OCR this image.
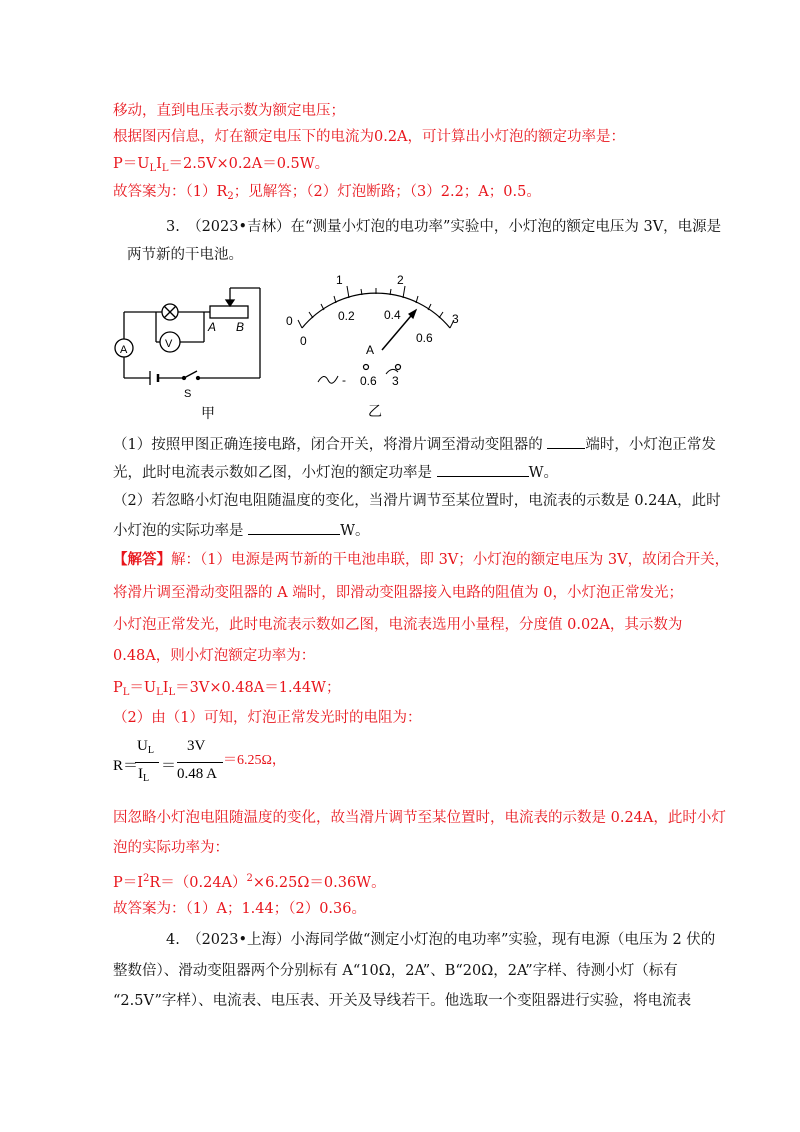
移动，直到电压表示数为额定电压；
根据图丙信息，灯在额定电压下的电流为0.2A，可计算出小灯泡的额定功率是：
$P=U_LI_L=2.5V\times 0.2A=0.5W$。
故答案为：$(1)R_2$；见解答；（2）灯泡断路；（3）2.2；A；0.5。
3.　（2023•吉林）在“测量小灯泡的电功率”实验中，小灯泡的额定电压为 3V，电源是
两节新的干电池。
A	V
A B
S
甲
0
1	2
3
0
0.2 0.4
0.6
A
- 0.6 3
乙
（1）按照甲图正确连接电路，闭合开关，将滑片调至滑动变阻器的	端时，小灯泡正常发
光，此时电流表示数如乙图，小灯泡的额定功率是	W。
（2）若忽略小灯泡电阻随温度的变化，当滑片调节至某位置时，电流表的示数是 0.24A，此时
小灯泡的实际功率是	W。
【解答】解：（1）电源是两节新的干电池串联，即 3V；小灯泡的额定电压为 3V，故闭合开关，
将滑片调至滑动变阻器的 A 端时，即滑动变阻器接入电路的阻值为 0，小灯泡正常发光；
小灯泡正常发光，此时电流表示数如乙图，电流表选用小量程，分度值 0.02A，其示数为
0.48A，则小灯泡额定功率为：
$P_L=U_LI_L=3V\times 0.48A=1.44W$；
（2）由（1）可知，灯泡正常发光时的电阻为：
R＝
$U_L$
$I_L$
＝
3V
0.48 A
＝6.25Ω，
因忽略小灯泡电阻随温度的变化，故当滑片调节至某位置时，电流表的示数是 0.24A，此时小灯
泡的实际功率为：
$P=I^2R=(0.24A)^2\times 6.25\Omega=0.36W$。
故答案为：（1）A；1.44；（2）0.36。
4.　（2023•上海）小海同学做“测定小灯泡的电功率”实验，现有电源（电压为 2 伏的
整数倍）、滑动变阻器两个分别标有 A“10Ω，2A”、B“20Ω，2A”字样、待测小灯（标有
“2.5V”字样）、电流表、电压表、开关及导线若干。他选取一个变阻器进行实验，将电流表
